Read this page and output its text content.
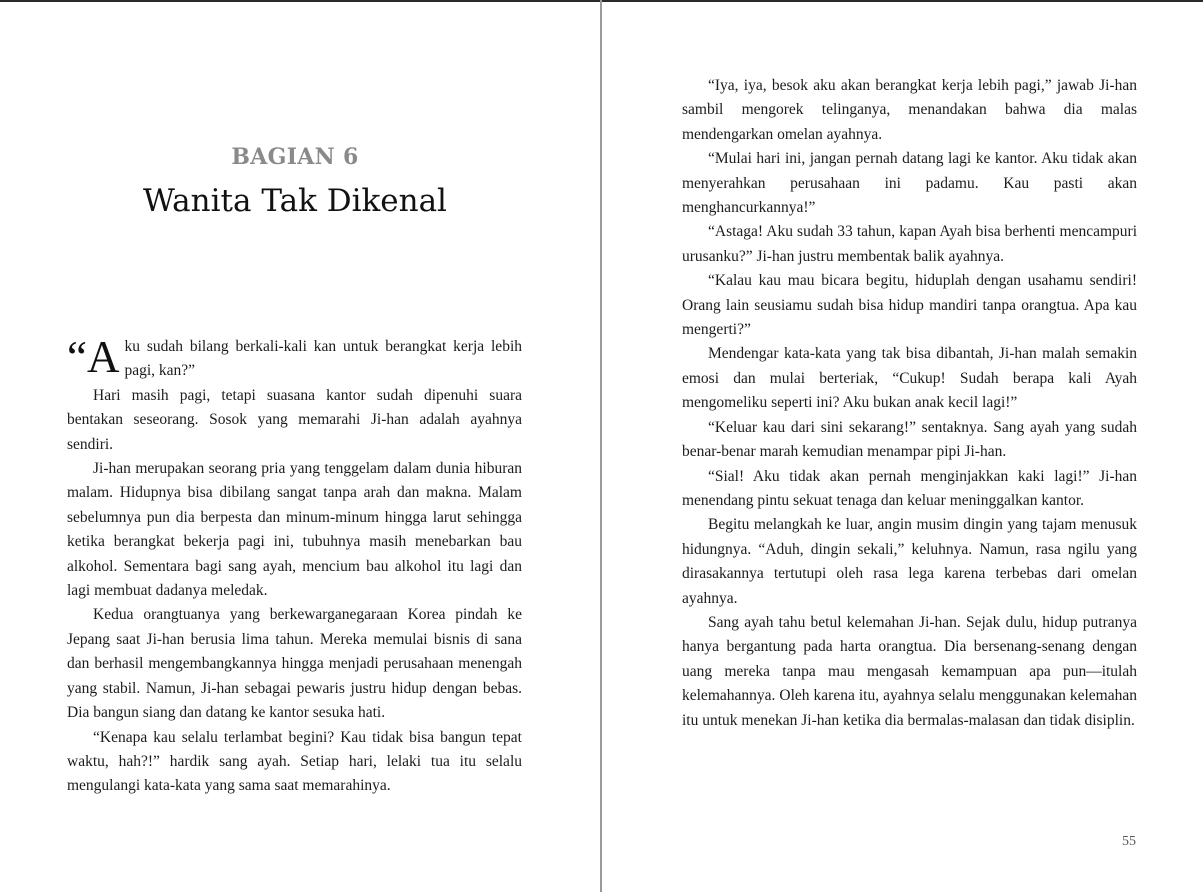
BAGIAN 6
Wanita Tak Dikenal

“Aku sudah bilang berkali-kali kan untuk berangkat kerja lebih pagi, kan?”

Hari masih pagi, tetapi suasana kantor sudah dipenuhi suara bentakan seseorang. Sosok yang memarahi Ji-han adalah ayahnya sendiri.

Ji-han merupakan seorang pria yang tenggelam dalam dunia hiburan malam. Hidupnya bisa dibilang sangat tanpa arah dan makna. Malam sebelumnya pun dia berpesta dan minum-minum hingga larut sehingga ketika berangkat bekerja pagi ini, tubuhnya masih menebarkan bau alkohol. Sementara bagi sang ayah, mencium bau alkohol itu lagi dan lagi membuat dadanya meledak.

Kedua orangtuanya yang berkewarganegaraan Korea pindah ke Jepang saat Ji-han berusia lima tahun. Mereka memulai bisnis di sana dan berhasil mengembangkannya hingga menjadi perusahaan menengah yang stabil. Namun, Ji-han sebagai pewaris justru hidup dengan bebas. Dia bangun siang dan datang ke kantor sesuka hati.

“Kenapa kau selalu terlambat begini? Kau tidak bisa bangun tepat waktu, hah?!” hardik sang ayah. Setiap hari, lelaki tua itu selalu mengulangi kata-kata yang sama saat memarahinya.

“Iya, iya, besok aku akan berangkat kerja lebih pagi,” jawab Ji-han sambil mengorek telinganya, menandakan bahwa dia malas mendengarkan omelan ayahnya.

“Mulai hari ini, jangan pernah datang lagi ke kantor. Aku tidak akan menyerahkan perusahaan ini padamu. Kau pasti akan menghancurkannya!”

“Astaga! Aku sudah 33 tahun, kapan Ayah bisa berhenti mencampuri urusanku?” Ji-han justru membentak balik ayahnya.

“Kalau kau mau bicara begitu, hiduplah dengan usahamu sendiri! Orang lain seusiamu sudah bisa hidup mandiri tanpa orangtua. Apa kau mengerti?”

Mendengar kata-kata yang tak bisa dibantah, Ji-han malah semakin emosi dan mulai berteriak, “Cukup! Sudah berapa kali Ayah mengomeliku seperti ini? Aku bukan anak kecil lagi!”

“Keluar kau dari sini sekarang!” sentaknya. Sang ayah yang sudah benar-benar marah kemudian menampar pipi Ji-han.

“Sial! Aku tidak akan pernah menginjakkan kaki lagi!” Ji-han menendang pintu sekuat tenaga dan keluar meninggalkan kantor.

Begitu melangkah ke luar, angin musim dingin yang tajam menusuk hidungnya. “Aduh, dingin sekali,” keluhnya. Namun, rasa ngilu yang dirasakannya tertutupi oleh rasa lega karena terbebas dari omelan ayahnya.

Sang ayah tahu betul kelemahan Ji-han. Sejak dulu, hidup putranya hanya bergantung pada harta orangtua. Dia bersenang-senang dengan uang mereka tanpa mau mengasah kemampuan apa pun—itulah kelemahannya. Oleh karena itu, ayahnya selalu menggunakan kelemahan itu untuk menekan Ji-han ketika dia bermalas-malasan dan tidak disiplin.

55
